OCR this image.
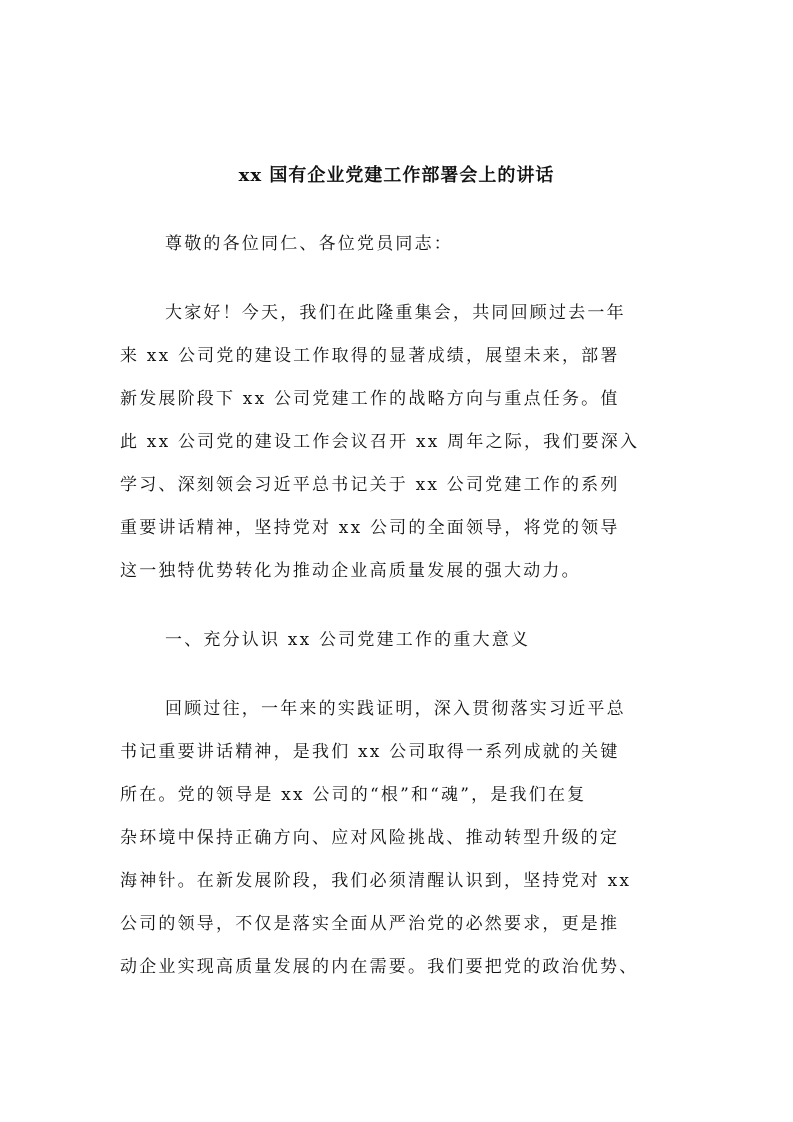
xx 国有企业党建工作部署会上的讲话

尊敬的各位同仁、各位党员同志：

大家好！今天，我们在此隆重集会，共同回顾过去一年

来 xx 公司党的建设工作取得的显著成绩，展望未来，部署

新发展阶段下 xx 公司党建工作的战略方向与重点任务。值

此 xx 公司党的建设工作会议召开 xx 周年之际，我们要深入

学习、深刻领会习近平总书记关于 xx 公司党建工作的系列

重要讲话精神，坚持党对 xx 公司的全面领导，将党的领导

这一独特优势转化为推动企业高质量发展的强大动力。

一、充分认识 xx 公司党建工作的重大意义

回顾过往，一年来的实践证明，深入贯彻落实习近平总

书记重要讲话精神，是我们 xx 公司取得一系列成就的关键

所在。党的领导是 xx 公司的“根”和“魂”，是我们在复

杂环境中保持正确方向、应对风险挑战、推动转型升级的定

海神针。在新发展阶段，我们必须清醒认识到，坚持党对 xx

公司的领导，不仅是落实全面从严治党的必然要求，更是推

动企业实现高质量发展的内在需要。我们要把党的政治优势、
